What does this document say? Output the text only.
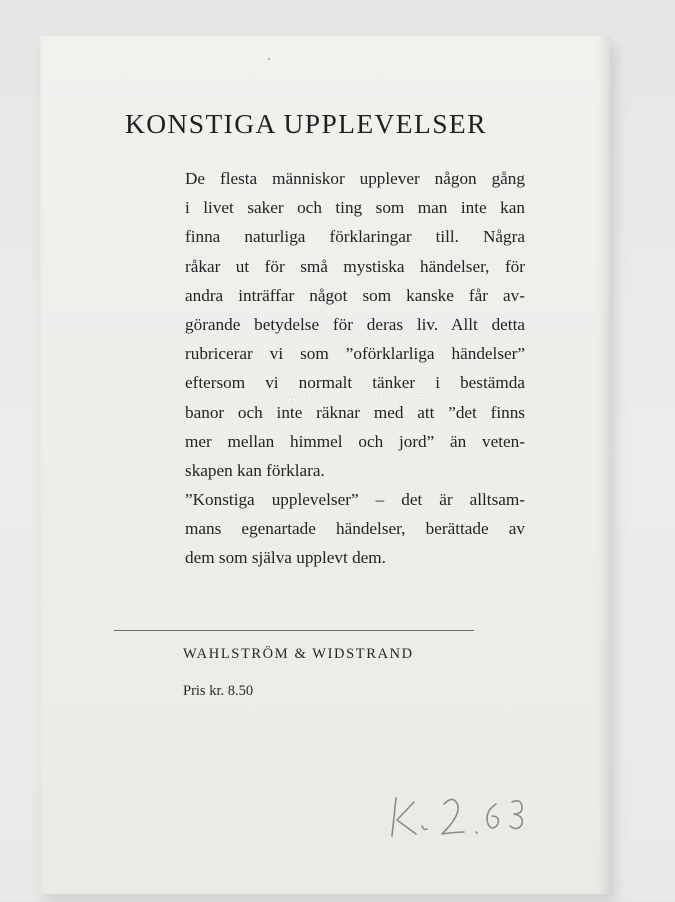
KONSTIGA UPPLEVELSER
De flesta människor upplever någon gång
i livet saker och ting som man inte kan
finna naturliga förklaringar till. Några
råkar ut för små mystiska händelser, för
andra inträffar något som kanske får av-
görande betydelse för deras liv. Allt detta
rubricerar vi som ”oförklarliga händelser”
eftersom vi normalt tänker i bestämda
banor och inte räknar med att ”det finns
mer mellan himmel och jord” än veten-
skapen kan förklara.
”Konstiga upplevelser” – det är alltsam-
mans egenartade händelser, berättade av
dem som själva upplevt dem.
Antikvariaatti.net
WAHLSTRÖM & WIDSTRAND
Pris kr. 8.50
